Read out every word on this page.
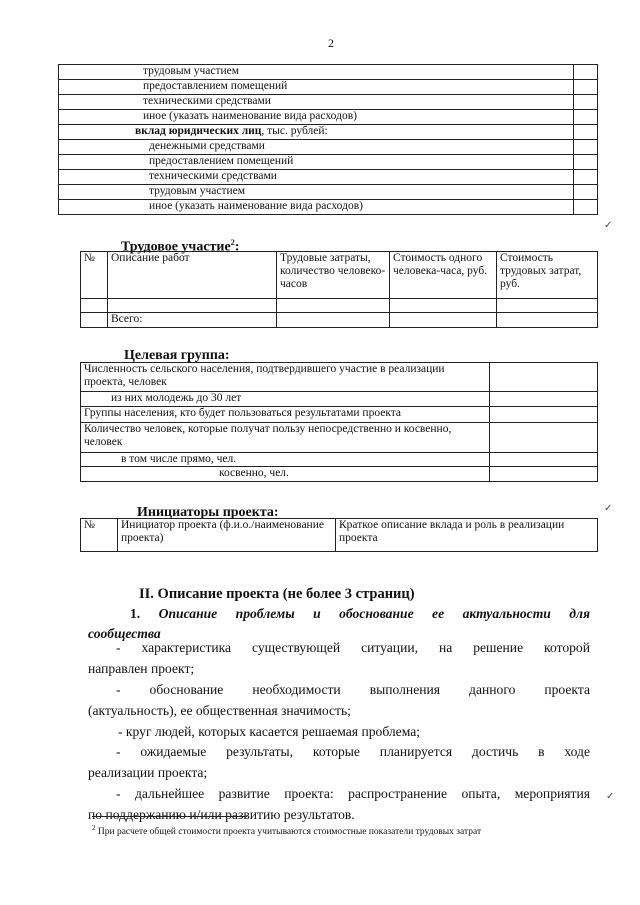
2
трудовым участием	
предоставлением помещений	
техническими средствами	
иное (указать наименование вида расходов)	
вклад юридических лиц, тыс. рублей:	
денежными средствами	
предоставлением помещений	
техническими средствами	
трудовым участием	
иное (указать наименование вида расходов)	
Трудовое участие$^2$:
№	Описание работ	Трудовые затраты, количество человеко-часов	Стоимость одного человека-часа, руб.	Стоимость трудовых затрат, руб.

	Всего:			
Целевая группа:
Численность сельского населения, подтвердившего участие в реализации проекта, человек	
из них молодежь до 30 лет	
Группы населения, кто будет пользоваться результатами проекта	
Количество человек, которые получат пользу непосредственно и косвенно, человек	
в том числе прямо, чел.	
косвенно, чел.	
Инициаторы проекта:
№	Инициатор проекта (ф.и.о./наименование проекта)	Краткое описание вклада и роль в реализации проекта
II. Описание проекта (не более 3 страниц)
1. Описание проблемы и обоснование ее актуальности для
сообщества
- характеристика существующей ситуации, на решение которой
направлен проект;
- обоснование необходимости выполнения данного проекта
(актуальность), ее общественная значимость;
- круг людей, которых касается решаемая проблема;
- ожидаемые результаты, которые планируется достичь в ходе
реализации проекта;
- дальнейшее развитие проекта: распространение опыта, мероприятия
по поддержанию и/или развитию результатов.
$^2$ При расчете общей стоимости проекта учитываются стоимостные показатели трудовых затрат
✓
✓
✓
